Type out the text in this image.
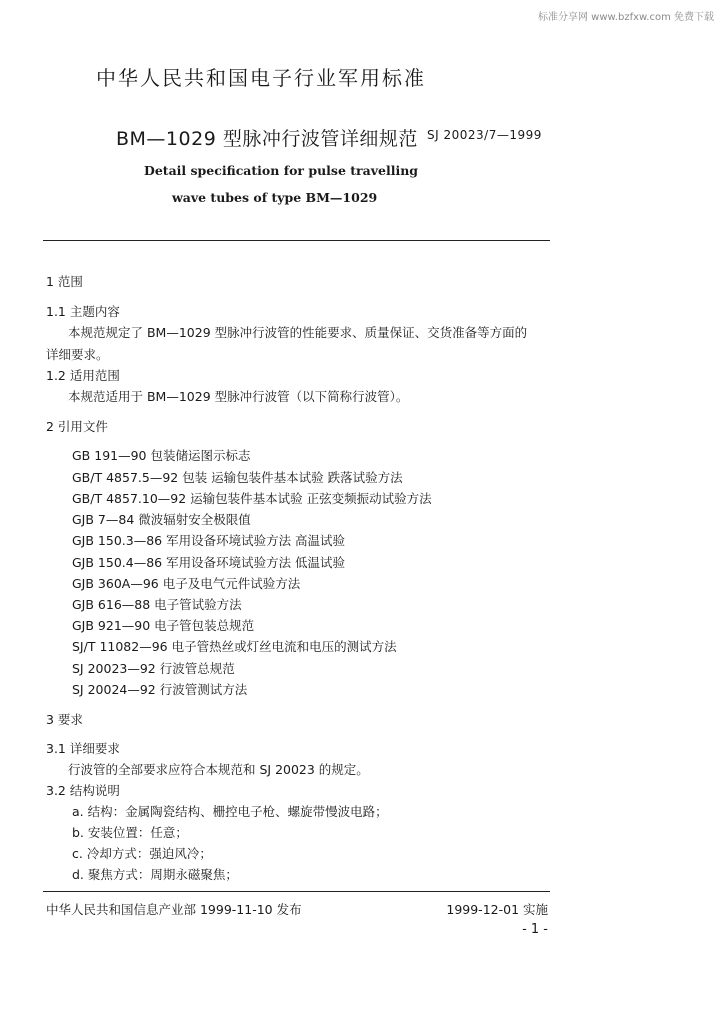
标准分享网 www.bzfxw.com 免费下载
中华人民共和国电子行业军用标准
BM—1029 型脉冲行波管详细规范 SJ 20023/7—1999
Detail specification for pulse travelling
wave tubes of type BM—1029
1 范围
1.1 主题内容
本规范规定了 BM—1029 型脉冲行波管的性能要求、质量保证、交货准备等方面的
详细要求。
1.2 适用范围
本规范适用于 BM—1029 型脉冲行波管（以下简称行波管）。
2 引用文件
GB 191—90 包装储运图示标志
GB/T 4857.5—92 包装 运输包装件基本试验 跌落试验方法
GB/T 4857.10—92 运输包装件基本试验 正弦变频振动试验方法
GJB 7—84 微波辐射安全极限值
GJB 150.3—86 军用设备环境试验方法 高温试验
GJB 150.4—86 军用设备环境试验方法 低温试验
GJB 360A—96 电子及电气元件试验方法
GJB 616—88 电子管试验方法
GJB 921—90 电子管包装总规范
SJ/T 11082—96 电子管热丝或灯丝电流和电压的测试方法
SJ 20023—92 行波管总规范
SJ 20024—92 行波管测试方法
3 要求
3.1 详细要求
行波管的全部要求应符合本规范和 SJ 20023 的规定。
3.2 结构说明
a. 结构：金属陶瓷结构、栅控电子枪、螺旋带慢波电路；
b. 安装位置：任意；
c. 冷却方式：强迫风冷；
d. 聚焦方式：周期永磁聚焦；
中华人民共和国信息产业部 1999-11-10 发布	1999-12-01 实施
- 1 -
